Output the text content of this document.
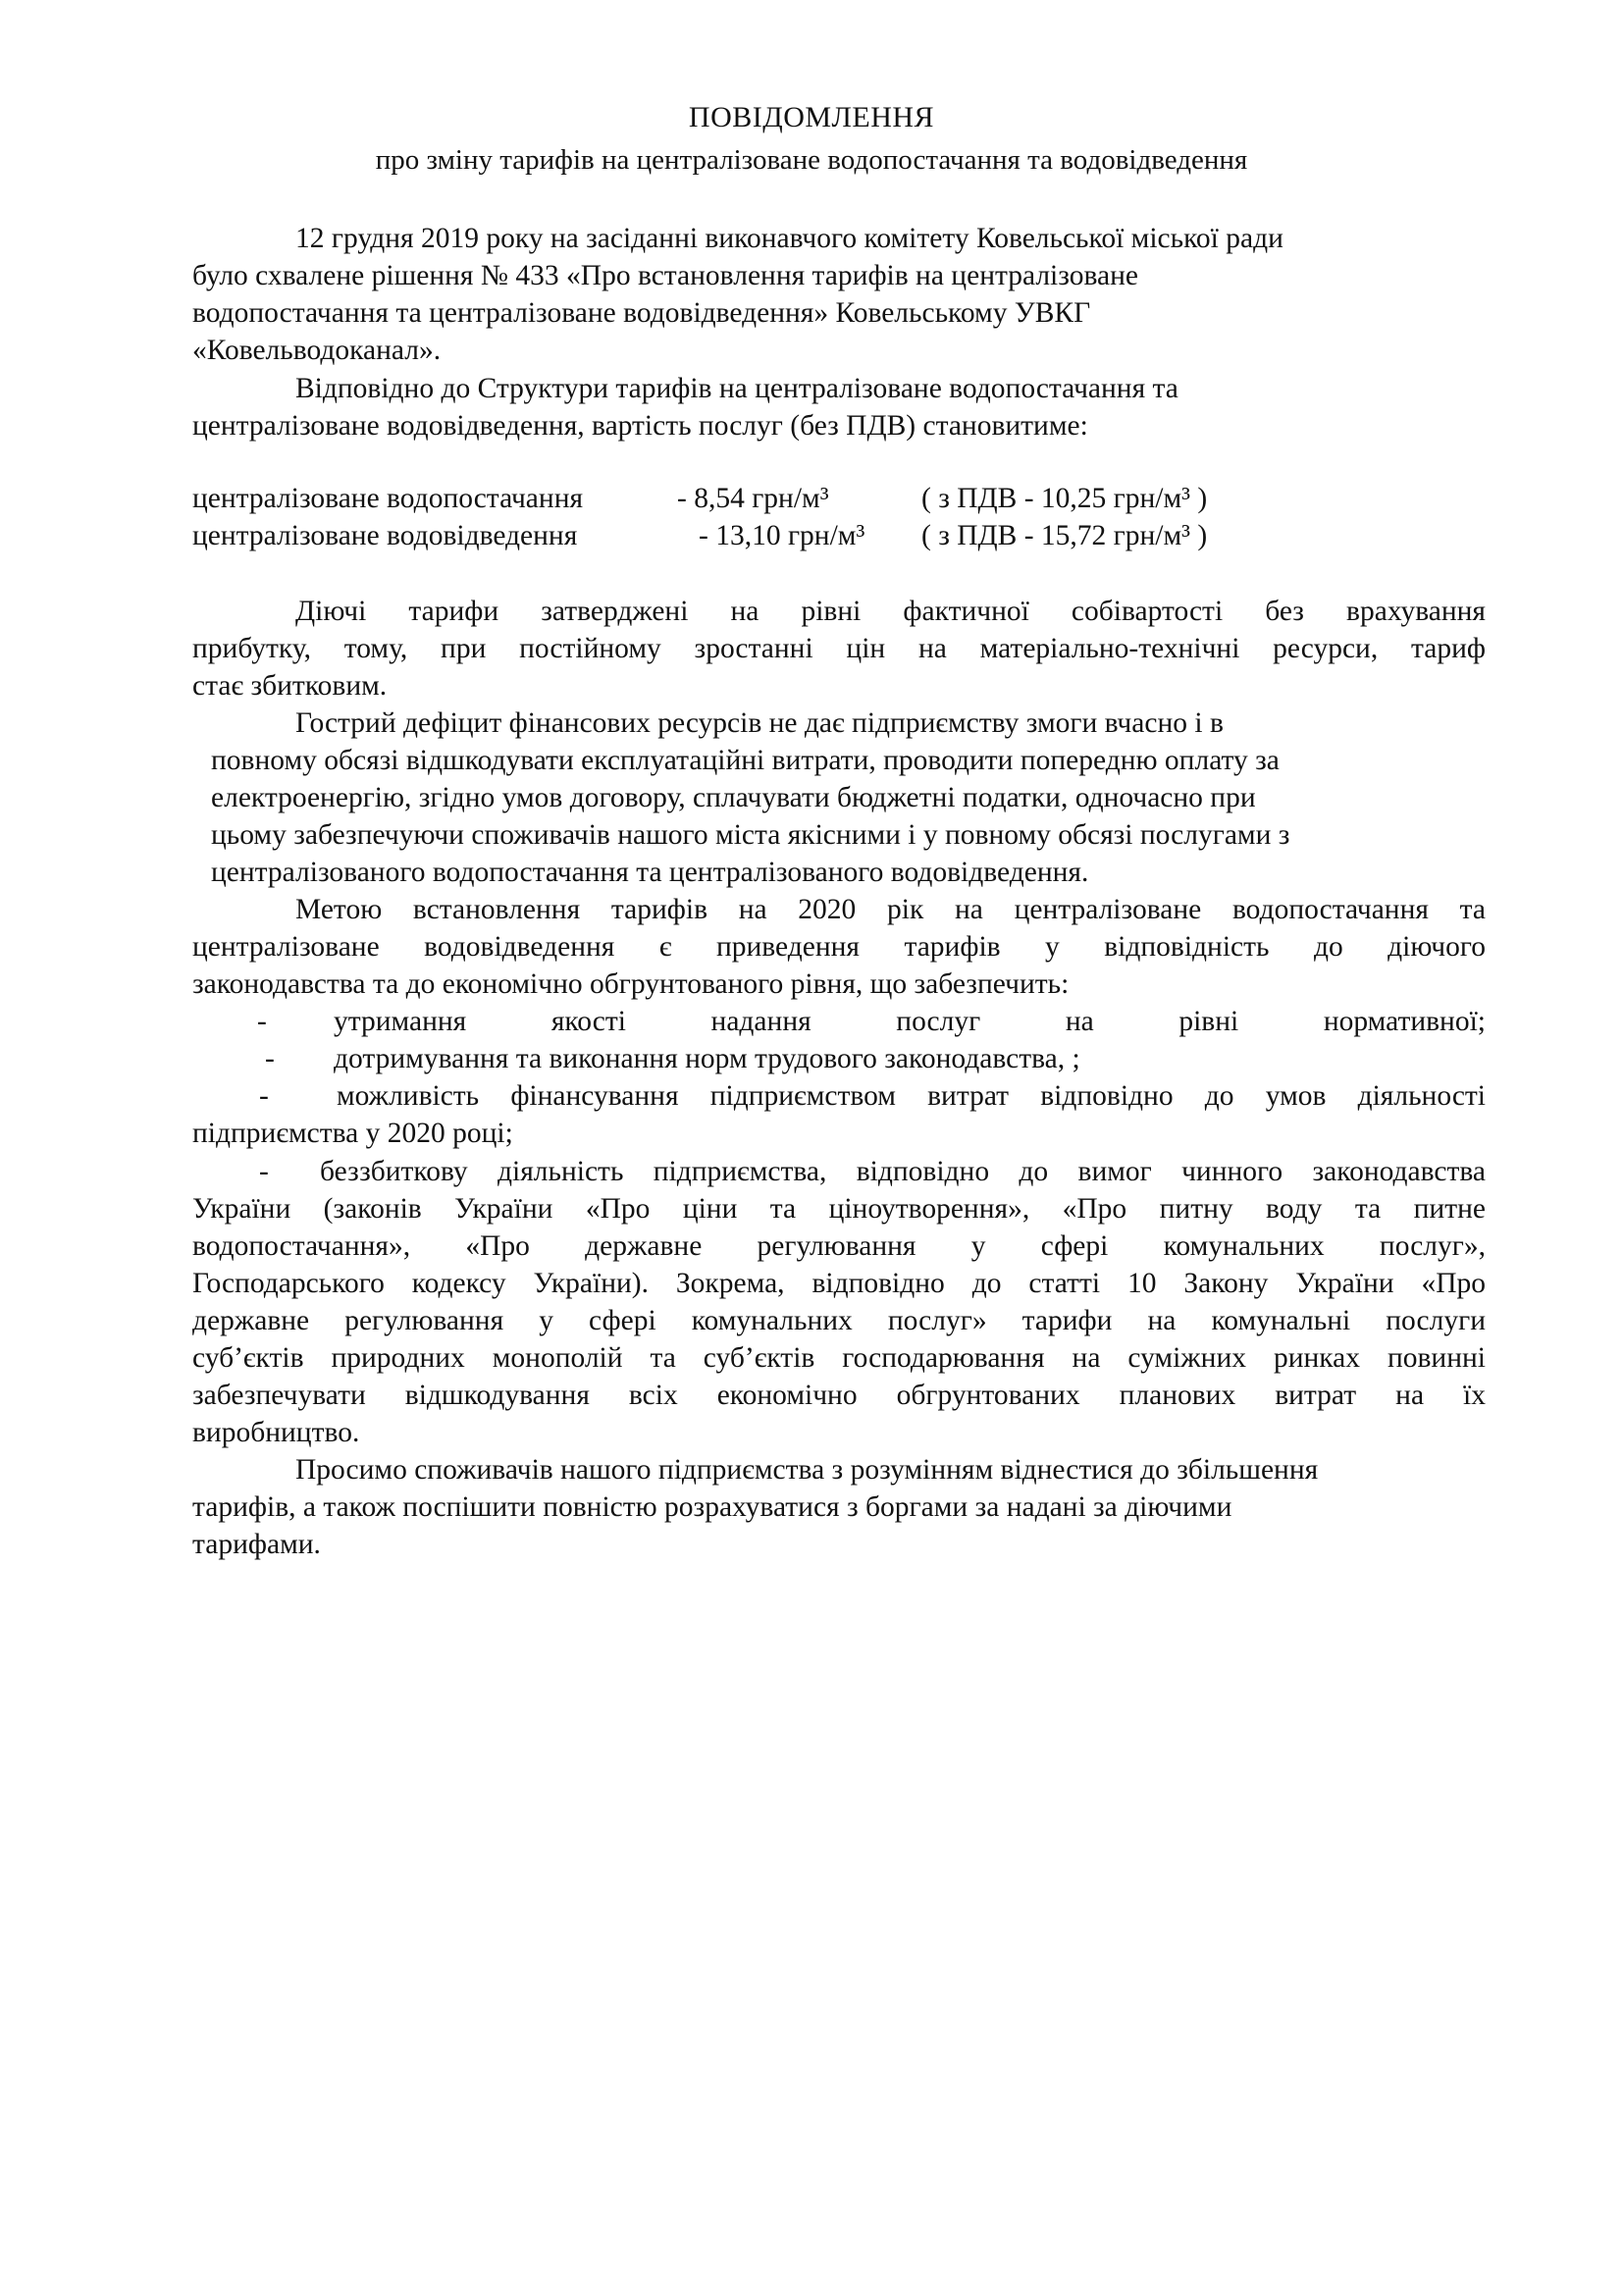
ПОВІДОМЛЕННЯ
про зміну тарифів на централізоване водопостачання та водовідведення
12 грудня 2019 року на засіданні виконавчого комітету Ковельської міської ради
було схвалене рішення № 433 «Про встановлення тарифів на централізоване
водопостачання та централізоване водовідведення» Ковельському УВКГ
«Ковельводоканал».
Відповідно до Структури тарифів на централізоване водопостачання та
централізоване водовідведення, вартість послуг (без ПДВ) становитиме:
централізоване водопостачання	- 8,54 грн/м³	( з ПДВ - 10,25 грн/м³ )
централізоване водовідведення	- 13,10 грн/м³ ( з ПДВ - 15,72 грн/м³ )
Діючі тарифи затверджені на рівні фактичної собівартості без врахування
прибутку, тому, при постійному зростанні цін на матеріально-технічні ресурси, тариф
стає збитковим.
Гострий дефіцит фінансових ресурсів не дає підприємству змоги вчасно і в
повному обсязі відшкодувати експлуатаційні витрати, проводити попередню оплату за
електроенергію, згідно умов договору, сплачувати бюджетні податки, одночасно при
цьому забезпечуючи споживачів нашого міста якісними і у повному обсязі послугами з
централізованого водопостачання та централізованого водовідведення.
Метою встановлення тарифів на 2020 рік на централізоване водопостачання та
централізоване водовідведення є приведення тарифів у відповідність до діючого
законодавства та до економічно обгрунтованого рівня, що забезпечить:
- утримання якості надання послуг на рівні нормативної;
- дотримування та виконання норм трудового законодавства, ;
- можливість фінансування підприємством витрат відповідно до умов діяльності
підприємства у 2020 році;
- беззбиткову діяльність підприємства, відповідно до вимог чинного законодавства
України (законів України «Про ціни та ціноутворення», «Про питну воду та питне
водопостачання», «Про державне регулювання у сфері комунальних послуг»,
Господарського кодексу України). Зокрема, відповідно до статті 10 Закону України «Про
державне регулювання у сфері комунальних послуг» тарифи на комунальні послуги
суб’єктів природних монополій та суб’єктів господарювання на суміжних ринках повинні
забезпечувати відшкодування всіх економічно обгрунтованих планових витрат на їх
виробництво.
Просимо споживачів нашого підприємства з розумінням віднестися до збільшення
тарифів, а також поспішити повністю розрахуватися з боргами за надані за діючими
тарифами.
